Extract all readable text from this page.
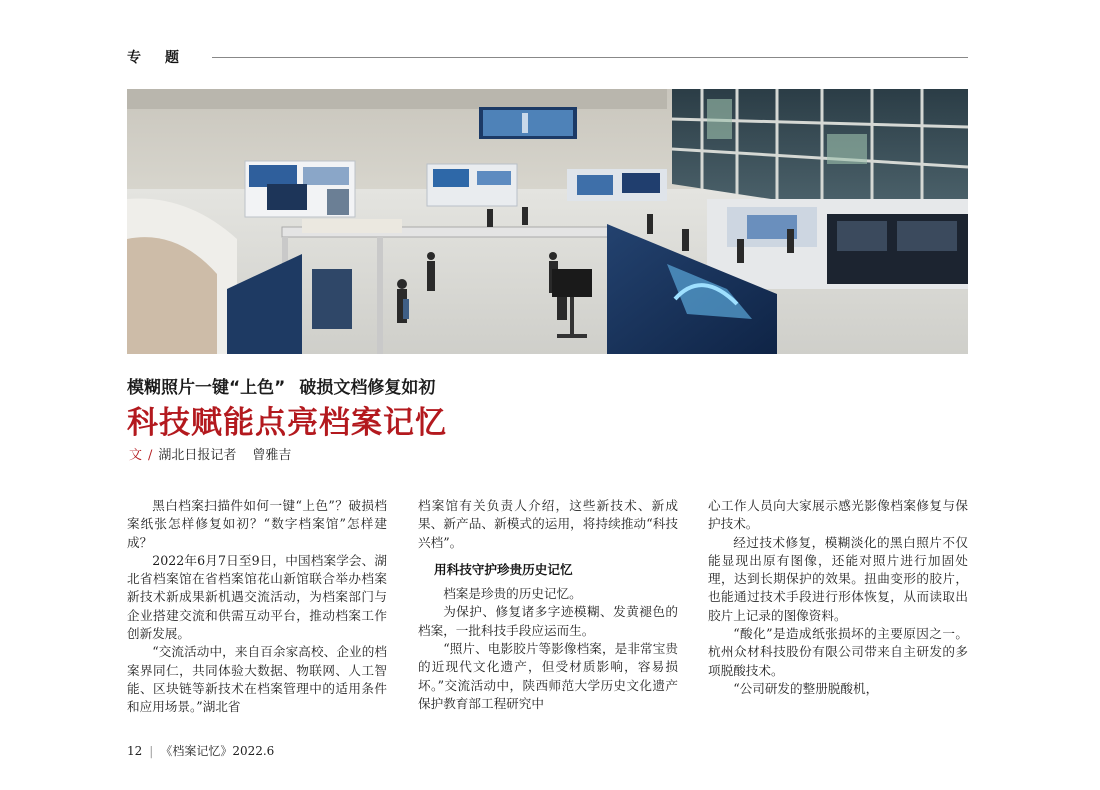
专题
模糊照片一键“上色” 破损文档修复如初
科技赋能点亮档案记忆
文 / 湖北日报记者 曾雅吉

黑白档案扫描件如何一键“上色”？破损档案纸张怎样修复如初？“数字档案馆”怎样建成？

2022年6月7日至9日，中国档案学会、湖北省档案馆在省档案馆花山新馆联合举办档案新技术新成果新机遇交流活动，为档案部门与企业搭建交流和供需互动平台，推动档案工作创新发展。

“交流活动中，来自百余家高校、企业的档案界同仁，共同体验大数据、物联网、人工智能、区块链等新技术在档案管理中的适用条件和应用场景。”湖北省

档案馆有关负责人介绍，这些新技术、新成果、新产品、新模式的运用，将持续推动“科技兴档”。

用科技守护珍贵历史记忆

档案是珍贵的历史记忆。

为保护、修复诸多字迹模糊、发黄褪色的档案，一批科技手段应运而生。

“照片、电影胶片等影像档案，是非常宝贵的近现代文化遗产，但受材质影响，容易损坏。”交流活动中，陕西师范大学历史文化遗产保护教育部工程研究中

心工作人员向大家展示感光影像档案修复与保护技术。

经过技术修复，模糊淡化的黑白照片不仅能显现出原有图像，还能对照片进行加固处理，达到长期保护的效果。扭曲变形的胶片，也能通过技术手段进行形体恢复，从而读取出胶片上记录的图像资料。

“酸化”是造成纸张损坏的主要原因之一。杭州众材科技股份有限公司带来自主研发的多项脱酸技术。

“公司研发的整册脱酸机，

12 | 《档案记忆》2022.6
